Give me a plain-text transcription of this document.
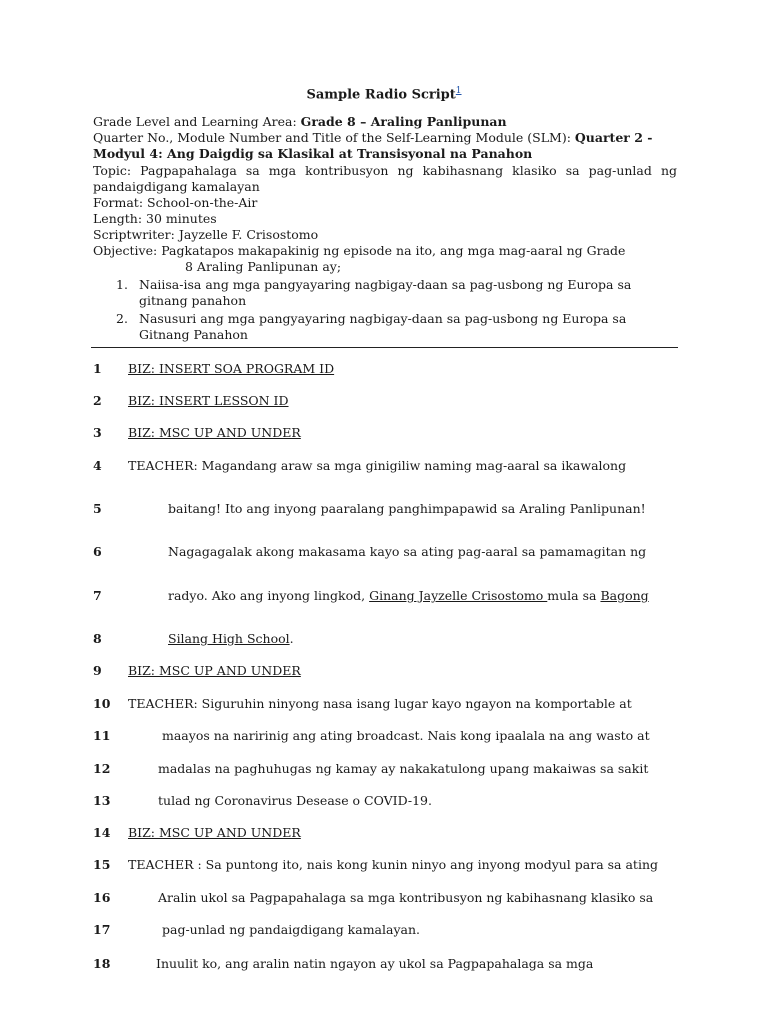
Sample Radio Script$^1$
Grade Level and Learning Area: Grade 8 – Araling Panlipunan
Quarter No., Module Number and Title of the Self-Learning Module (SLM): Quarter 2 -
Modyul 4: Ang Daigdig sa Klasikal at Transisyonal na Panahon
Topic: Pagpapahalaga sa mga kontribusyon ng kabihasnang klasiko sa pag-unlad ng
pandaigdigang kamalayan
Format: School-on-the-Air
Length: 30 minutes
Scriptwriter: Jayzelle F. Crisostomo
Objective: Pagkatapos makapakinig ng episode na ito, ang mga mag-aaral ng Grade
8 Araling Panlipunan ay;
1. Naiisa-isa ang mga pangyayaring nagbigay-daan sa pag-usbong ng Europa sa
gitnang panahon
2. Nasusuri ang mga pangyayaring nagbigay-daan sa pag-usbong ng Europa sa
Gitnang Panahon
1 BIZ: INSERT SOA PROGRAM ID
2 BIZ: INSERT LESSON ID
3 BIZ: MSC UP AND UNDER
4 TEACHER: Magandang araw sa mga ginigiliw naming mag-aaral sa ikawalong
5	baitang! Ito ang inyong paaralang panghimpapawid sa Araling Panlipunan!
6	Nagagagalak akong makasama kayo sa ating pag-aaral sa pamamagitan ng
7	radyo. Ako ang inyong lingkod, Ginang Jayzelle Crisostomo mula sa Bagong
8	Silang High School.
9 BIZ: MSC UP AND UNDER
10 TEACHER: Siguruhin ninyong nasa isang lugar kayo ngayon na komportable at
11	maayos na naririnig ang ating broadcast. Nais kong ipaalala na ang wasto at
12	madalas na paghuhugas ng kamay ay nakakatulong upang makaiwas sa sakit
13	tulad ng Coronavirus Desease o COVID-19.
14 BIZ: MSC UP AND UNDER
15 TEACHER : Sa puntong ito, nais kong kunin ninyo ang inyong modyul para sa ating
16	Aralin ukol sa Pagpapahalaga sa mga kontribusyon ng kabihasnang klasiko sa
17	pag-unlad ng pandaigdigang kamalayan.
18	Inuulit ko, ang aralin natin ngayon ay ukol sa Pagpapahalaga sa mga
